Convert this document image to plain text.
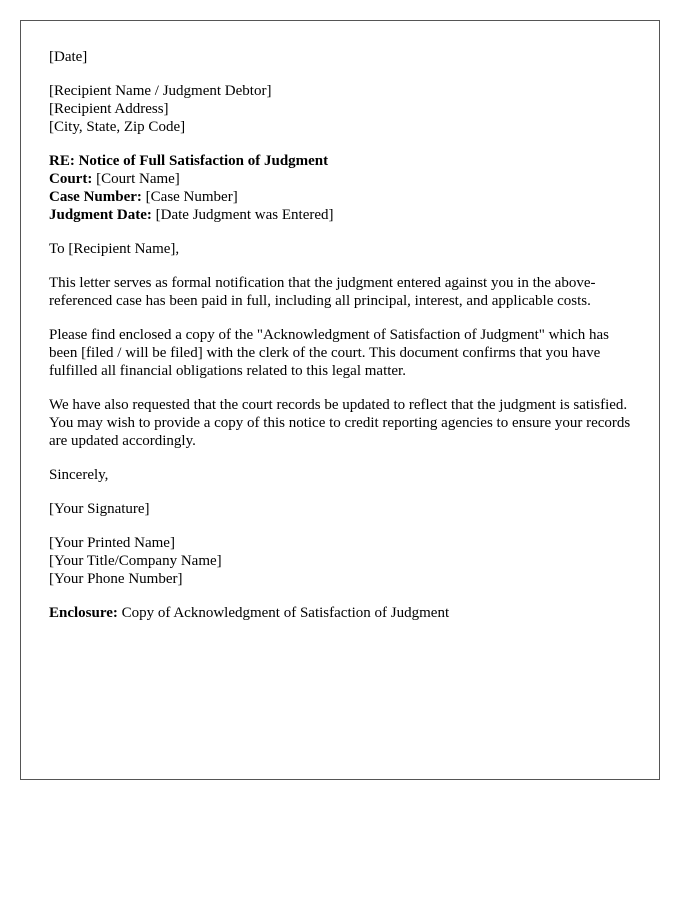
[Date]
[Recipient Name / Judgment Debtor]
[Recipient Address]
[City, State, Zip Code]
RE: Notice of Full Satisfaction of Judgment
Court: [Court Name]
Case Number: [Case Number]
Judgment Date: [Date Judgment was Entered]
To [Recipient Name],

This letter serves as formal notification that the judgment entered against you in the above-referenced case has been paid in full, including all principal, interest, and applicable costs.

Please find enclosed a copy of the "Acknowledgment of Satisfaction of Judgment" which has been [filed / will be filed] with the clerk of the court. This document confirms that you have fulfilled all financial obligations related to this legal matter.

We have also requested that the court records be updated to reflect that the judgment is satisfied. You may wish to provide a copy of this notice to credit reporting agencies to ensure your records are updated accordingly.

Sincerely,
[Your Signature]
[Your Printed Name]
[Your Title/Company Name]
[Your Phone Number]
Enclosure: Copy of Acknowledgment of Satisfaction of Judgment
